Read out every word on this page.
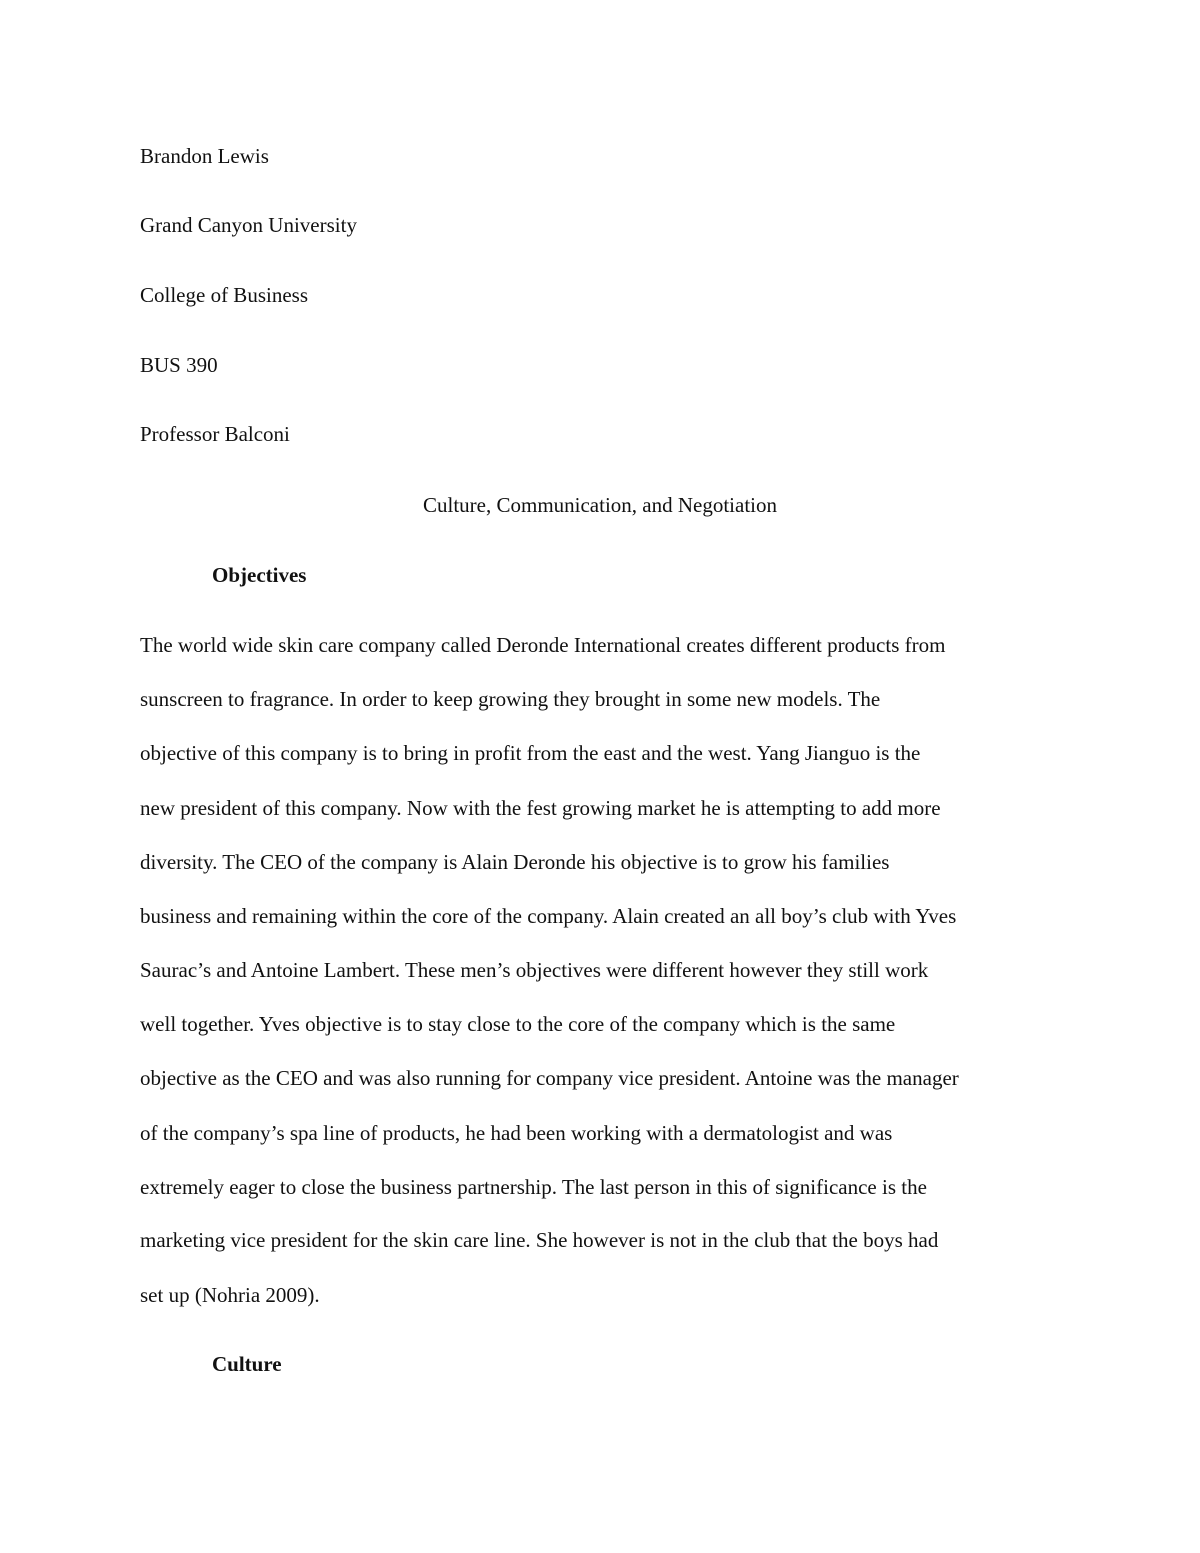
Brandon Lewis
Grand Canyon University
College of Business
BUS 390
Professor Balconi
Culture, Communication, and Negotiation
Objectives
The world wide skin care company called Deronde International creates different products from
sunscreen to fragrance. In order to keep growing they brought in some new models. The
objective of this company is to bring in profit from the east and the west. Yang Jianguo is the
new president of this company. Now with the fest growing market he is attempting to add more
diversity. The CEO of the company is Alain Deronde his objective is to grow his families
business and remaining within the core of the company. Alain created an all boy’s club with Yves
Saurac’s and Antoine Lambert. These men’s objectives were different however they still work
well together. Yves objective is to stay close to the core of the company which is the same
objective as the CEO and was also running for company vice president. Antoine was the manager
of the company’s spa line of products, he had been working with a dermatologist and was
extremely eager to close the business partnership. The last person in this of significance is the
marketing vice president for the skin care line. She however is not in the club that the boys had
set up (Nohria 2009).
Culture
